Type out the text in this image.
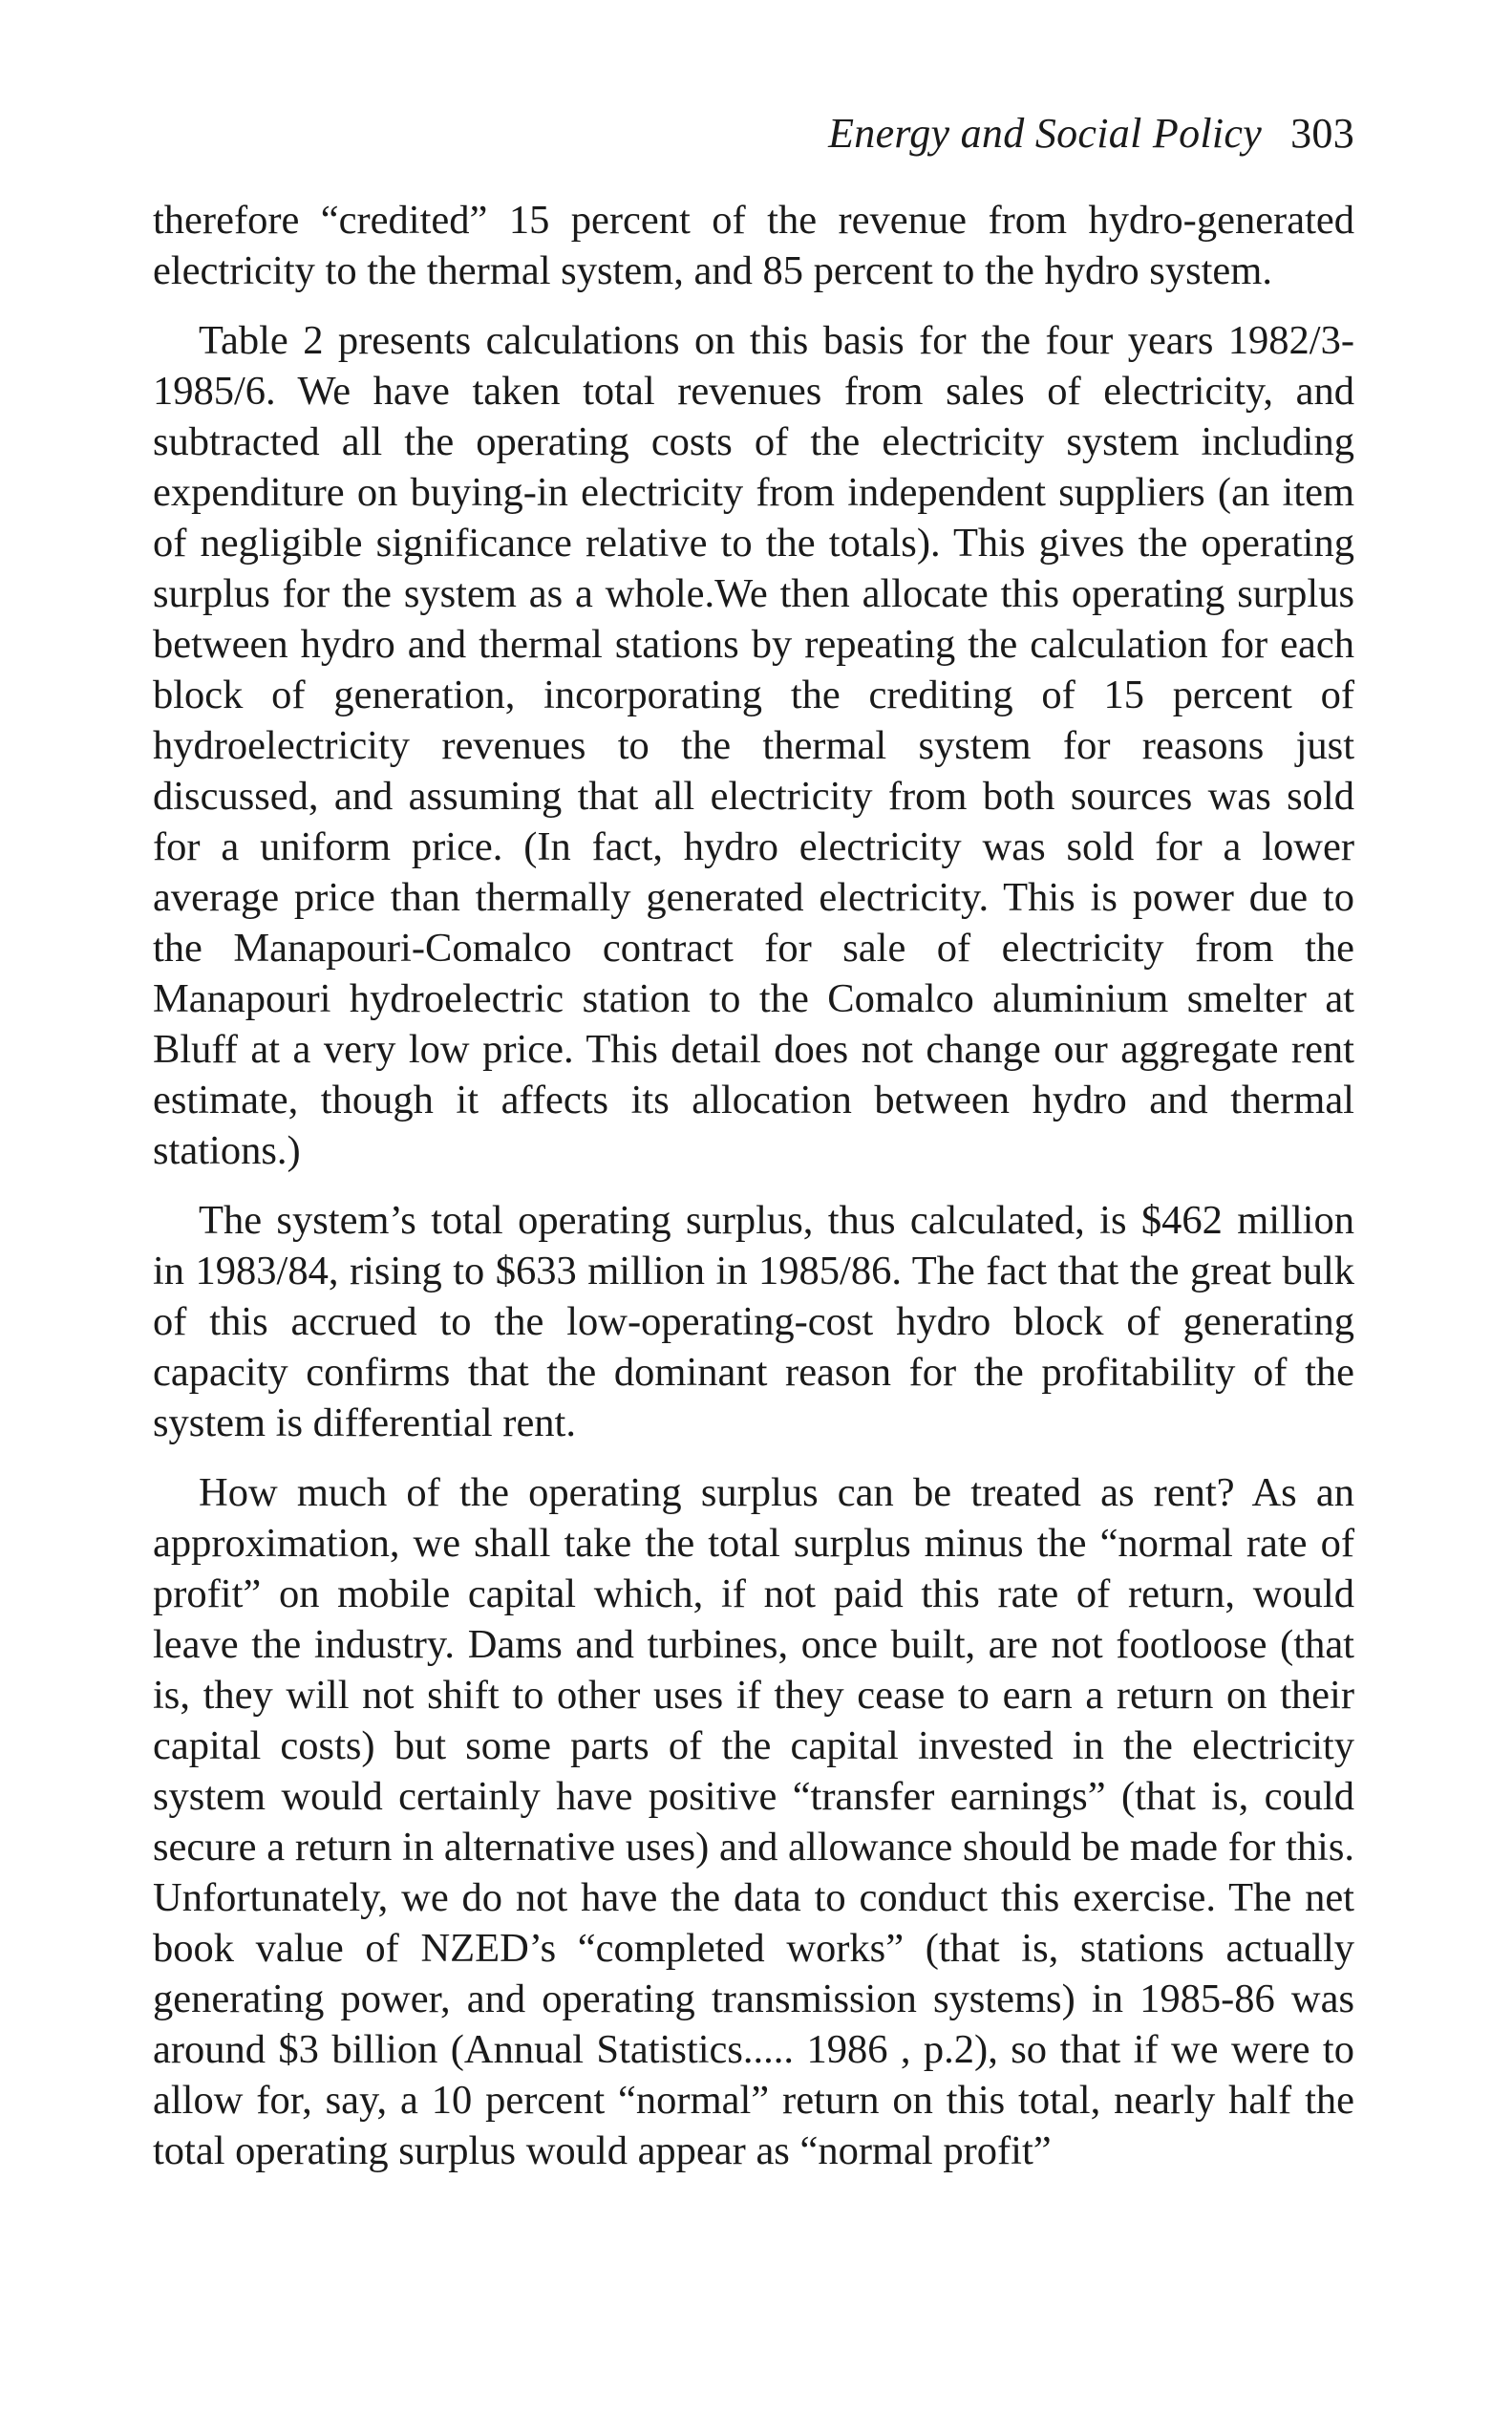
Energy and Social Policy 303

therefore “credited” 15 percent of the revenue from hydro-generated electricity to the thermal system, and 85 percent to the hydro system.

Table 2 presents calculations on this basis for the four years 1982/3-1985/6. We have taken total revenues from sales of electricity, and subtracted all the operating costs of the electricity system including expenditure on buying-in electricity from independent suppliers (an item of negligible significance relative to the totals). This gives the operating surplus for the system as a whole.We then allocate this operating surplus between hydro and thermal stations by repeating the calculation for each block of generation, incorporating the crediting of 15 percent of hydroelectricity revenues to the thermal system for reasons just discussed, and assuming that all electricity from both sources was sold for a uniform price. (In fact, hydro electricity was sold for a lower average price than thermally generated electricity. This is power due to the Manapouri-Comalco contract for sale of electricity from the Manapouri hydroelectric station to the Comalco aluminium smelter at Bluff at a very low price. This detail does not change our aggregate rent estimate, though it affects its allocation between hydro and thermal stations.)

The system’s total operating surplus, thus calculated, is $462 million in 1983/84, rising to $633 million in 1985/86. The fact that the great bulk of this accrued to the low-operating-cost hydro block of generating capacity confirms that the dominant reason for the profitability of the system is differential rent.

How much of the operating surplus can be treated as rent? As an approximation, we shall take the total surplus minus the “normal rate of profit” on mobile capital which, if not paid this rate of return, would leave the industry. Dams and turbines, once built, are not footloose (that is, they will not shift to other uses if they cease to earn a return on their capital costs) but some parts of the capital invested in the electricity system would certainly have positive “transfer earnings” (that is, could secure a return in alternative uses) and allowance should be made for this. Unfortunately, we do not have the data to conduct this exercise. The net book value of NZED’s “completed works” (that is, stations actually generating power, and operating transmission systems) in 1985-86 was around $3 billion (Annual Statistics..... 1986 , p.2), so that if we were to allow for, say, a 10 percent “normal” return on this total, nearly half the total operating surplus would appear as “normal profit”
